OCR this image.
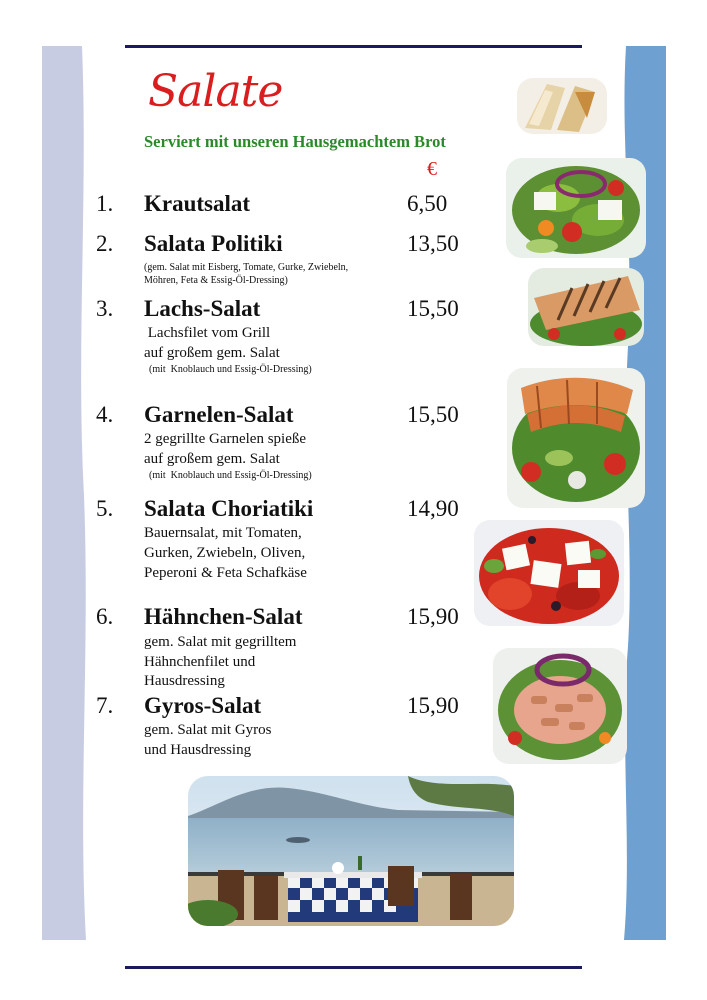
Salate
Serviert mit unseren Hausgemachtem Brot
€
1. Krautsalat	6,50
2. Salata Politiki	13,50
(gem. Salat mit Eisberg, Tomate, Gurke, Zwiebeln,
Möhren, Feta & Essig-Öl-Dressing)
3. Lachs-Salat	15,50
Lachsfilet vom Grill
auf großem gem. Salat
(mit  Knoblauch und Essig-Öl-Dressing)
4. Garnelen-Salat	15,50
2 gegrillte Garnelen spieße
auf großem gem. Salat
(mit  Knoblauch und Essig-Öl-Dressing)
5. Salata Choriatiki	14,90
Bauernsalat, mit Tomaten,
Gurken, Zwiebeln, Oliven,
Peperoni & Feta Schafkäse
6. Hähnchen-Salat	15,90
gem. Salat mit gegrilltem
Hähnchenfilet und
Hausdressing
7. Gyros-Salat	15,90
gem. Salat mit Gyros
und Hausdressing
